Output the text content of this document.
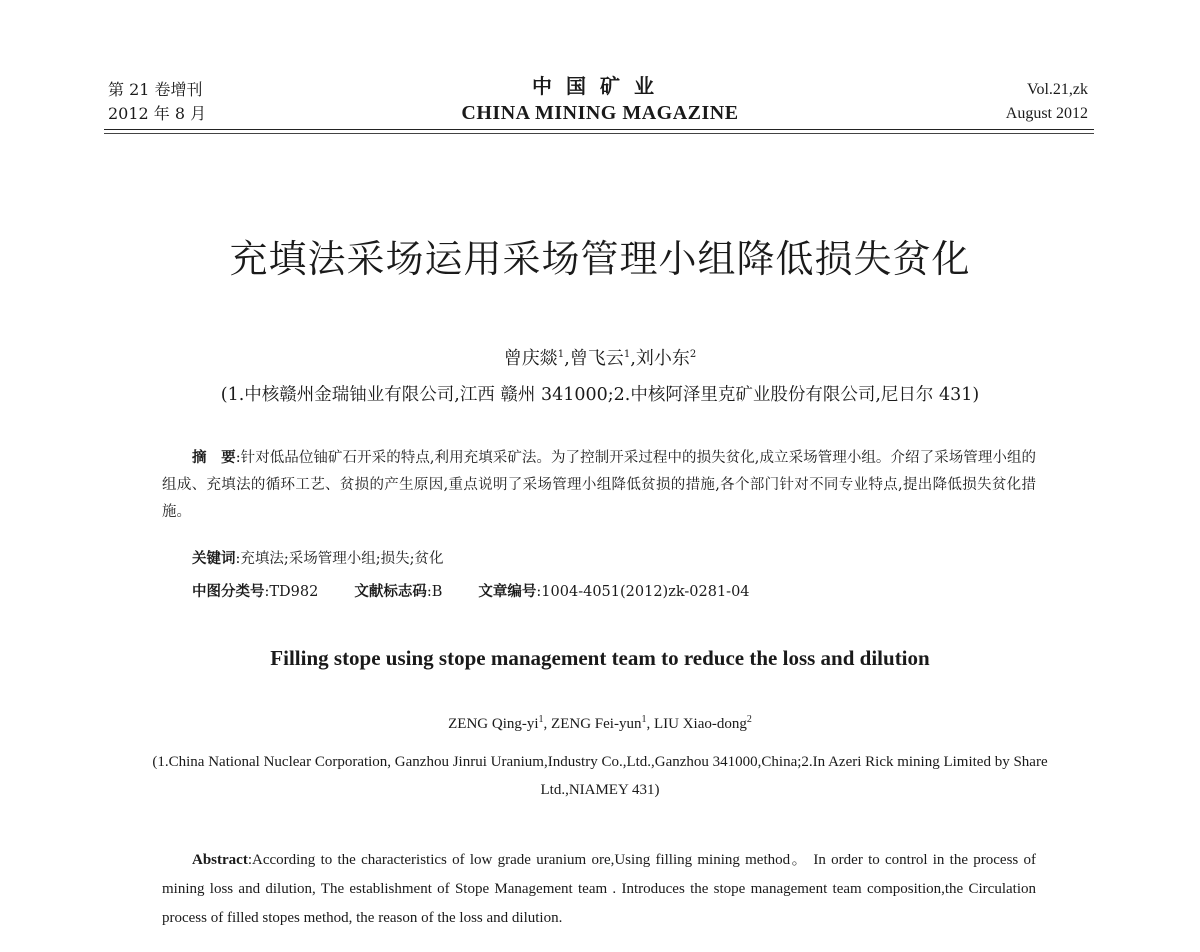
第 21 卷增刊
2012 年 8 月
中国矿业
CHINA MINING MAGAZINE
Vol.21,zk
August 2012
充填法采场运用采场管理小组降低损失贫化
曾庆燚$^1$,曾飞云$^1$,刘小东$^2$
(1.中核赣州金瑞铀业有限公司,江西 赣州 341000;2.中核阿泽里克矿业股份有限公司,尼日尔 431)
摘　要:针对低品位铀矿石开采的特点,利用充填采矿法。为了控制开采过程中的损失贫化,成立采场管理小组。介绍了采场管理小组的组成、充填法的循环工艺、贫损的产生原因,重点说明了采场管理小组降低贫损的措施,各个部门针对不同专业特点,提出降低损失贫化措施。
关键词:充填法;采场管理小组;损失;贫化
中图分类号:TD982 文献标志码:B 文章编号:1004-4051(2012)zk-0281-04
Filling stope using stope management team to reduce the loss and dilution
ZENG Qing-$yi^1$, ZENG Fei-yun$^1$, LIU Xiao-dong$^2$
(1.China National Nuclear Corporation, Ganzhou Jinrui Uranium,Industry Co.,Ltd.,Ganzhou 341000,China;2.In Azeri Rick mining Limited by Share Ltd.,NIAMEY 431)
Abstract:According to the characteristics of low grade uranium ore,Using filling mining method。 In order to control in the process of mining loss and dilution, The establishment of Stope Management team . Introduces the stope management team composition,the Circulation process of filled stopes method, the reason of the loss and dilution.
